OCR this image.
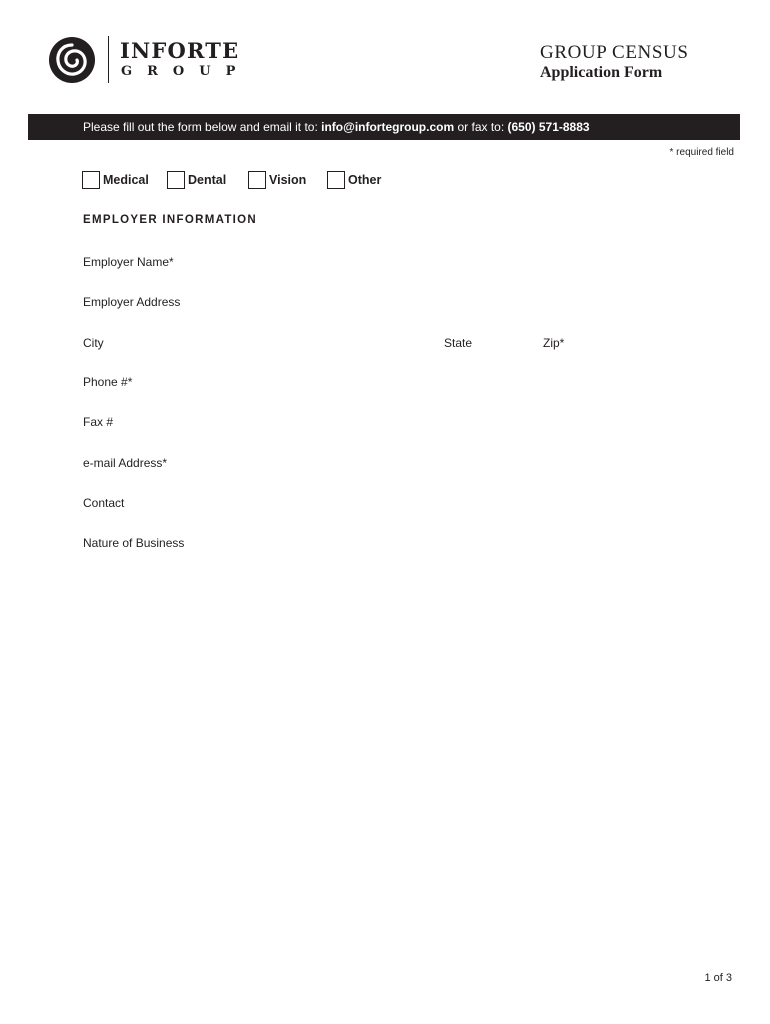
INFORTE
GROUP
GROUP CENSUS
Application Form
Please fill out the form below and email it to: info@infortegroup.com or fax to: (650) 571-8883
* required field
Medical	Dental	Vision	Other
EMPLOYER INFORMATION
Employer Name*
Employer Address
City	State	Zip*
Phone #*
Fax #
e-mail Address*
Contact
Nature of Business
1 of 3
